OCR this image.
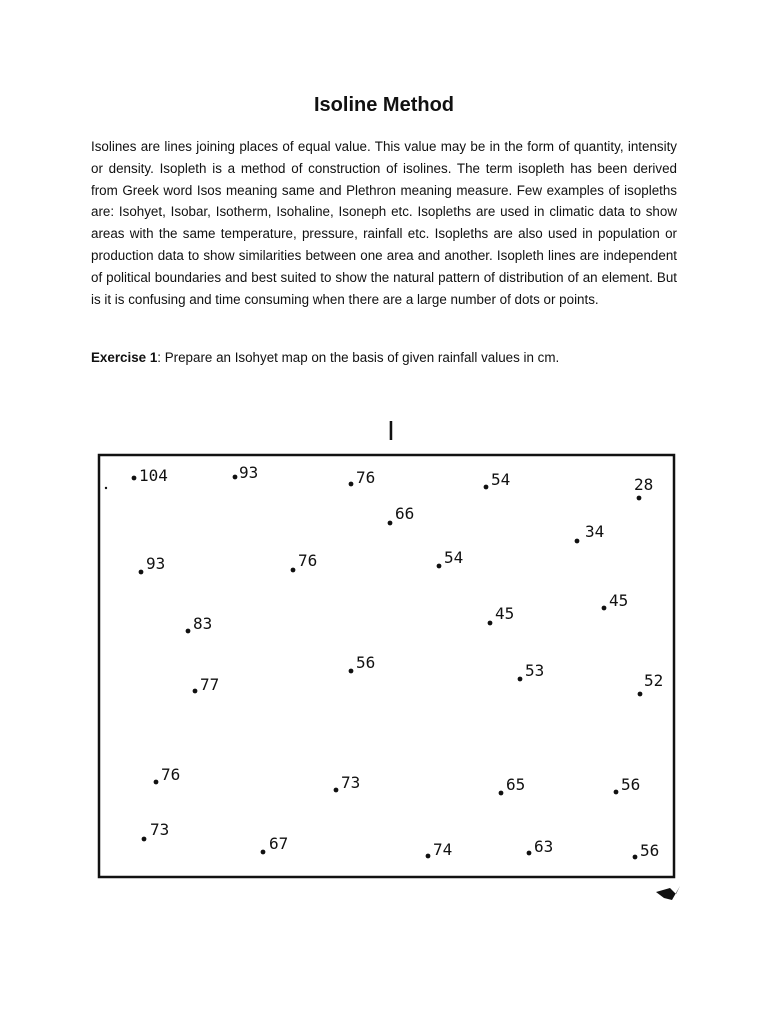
Isoline Method
Isolines are lines joining places of equal value. This value may be in the form of quantity, intensity or density. Isopleth is a method of construction of isolines. The term isopleth has been derived from Greek word Isos meaning same and Plethron meaning measure. Few examples of isopleths are: Isohyet, Isobar, Isotherm, Isohaline, Isoneph etc. Isopleths are used in climatic data to show areas with the same temperature, pressure, rainfall etc. Isopleths are also used in population or production data to show similarities between one area and another. Isopleth lines are independent of political boundaries and best suited to show the natural pattern of distribution of an element. But is it is confusing and time consuming when there are a large number of dots or points.
Exercise 1: Prepare an Isohyet map on the basis of given rainfall values in cm.
I
104	93	76	54	28
66
34
93	76	54
45
45
83
56	53
52
77
76	73	65	56
73
67	74	63	56
